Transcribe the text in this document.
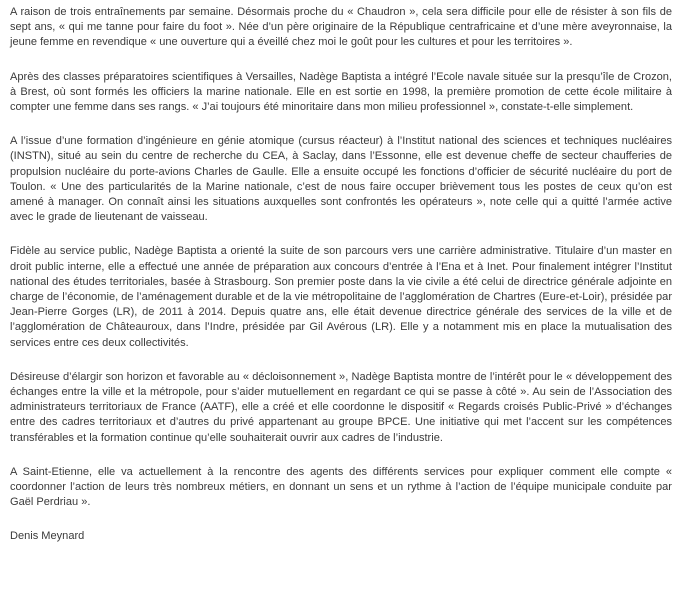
A raison de trois entraînements par semaine. Désormais proche du « Chaudron », cela sera difficile pour elle de résister à son fils de sept ans, « qui me tanne pour faire du foot ». Née d’un père originaire de la République centrafricaine et d’une mère aveyronnaise, la jeune femme en revendique « une ouverture qui a éveillé chez moi le goût pour les cultures et pour les territoires ».

Après des classes préparatoires scientifiques à Versailles, Nadège Baptista a intégré l’Ecole navale située sur la presqu’île de Crozon, à Brest, où sont formés les officiers la marine nationale. Elle en est sortie en 1998, la première promotion de cette école militaire à compter une femme dans ses rangs. « J’ai toujours été minoritaire dans mon milieu professionnel », constate-t-elle simplement.

A l’issue d’une formation d’ingénieure en génie atomique (cursus réacteur) à l’Institut national des sciences et techniques nucléaires (INSTN), situé au sein du centre de recherche du CEA, à Saclay, dans l’Essonne, elle est devenue cheffe de secteur chaufferies de propulsion nucléaire du porte-avions Charles de Gaulle. Elle a ensuite occupé les fonctions d’officier de sécurité nucléaire du port de Toulon. « Une des particularités de la Marine nationale, c’est de nous faire occuper brièvement tous les postes de ceux qu’on est amené à manager. On connaît ainsi les situations auxquelles sont confrontés les opérateurs », note celle qui a quitté l’armée active avec le grade de lieutenant de vaisseau.

Fidèle au service public, Nadège Baptista a orienté la suite de son parcours vers une carrière administrative. Titulaire d’un master en droit public interne, elle a effectué une année de préparation aux concours d’entrée à l’Ena et à Inet. Pour finalement intégrer l’Institut national des études territoriales, basée à Strasbourg. Son premier poste dans la vie civile a été celui de directrice générale adjointe en charge de l’économie, de l’aménagement durable et de la vie métropolitaine de l’agglomération de Chartres (Eure-et-Loir), présidée par Jean-Pierre Gorges (LR), de 2011 à 2014. Depuis quatre ans, elle était devenue directrice générale des services de la ville et de l’agglomération de Châteauroux, dans l’Indre, présidée par Gil Avérous (LR). Elle y a notamment mis en place la mutualisation des services entre ces deux collectivités.

Désireuse d’élargir son horizon et favorable au « décloisonnement », Nadège Baptista montre de l’intérêt pour le « développement des échanges entre la ville et la métropole, pour s’aider mutuellement en regardant ce qui se passe à côté ». Au sein de l’Association des administrateurs territoriaux de France (AATF), elle a créé et elle coordonne le dispositif « Regards croisés Public-Privé » d’échanges entre des cadres territoriaux et d’autres du privé appartenant au groupe BPCE. Une initiative qui met l’accent sur les compétences transférables et la formation continue qu’elle souhaiterait ouvrir aux cadres de l’industrie.

A Saint-Etienne, elle va actuellement à la rencontre des agents des différents services pour expliquer comment elle compte « coordonner l’action de leurs très nombreux métiers, en donnant un sens et un rythme à l’action de l’équipe municipale conduite par Gaël Perdriau ».

Denis Meynard
